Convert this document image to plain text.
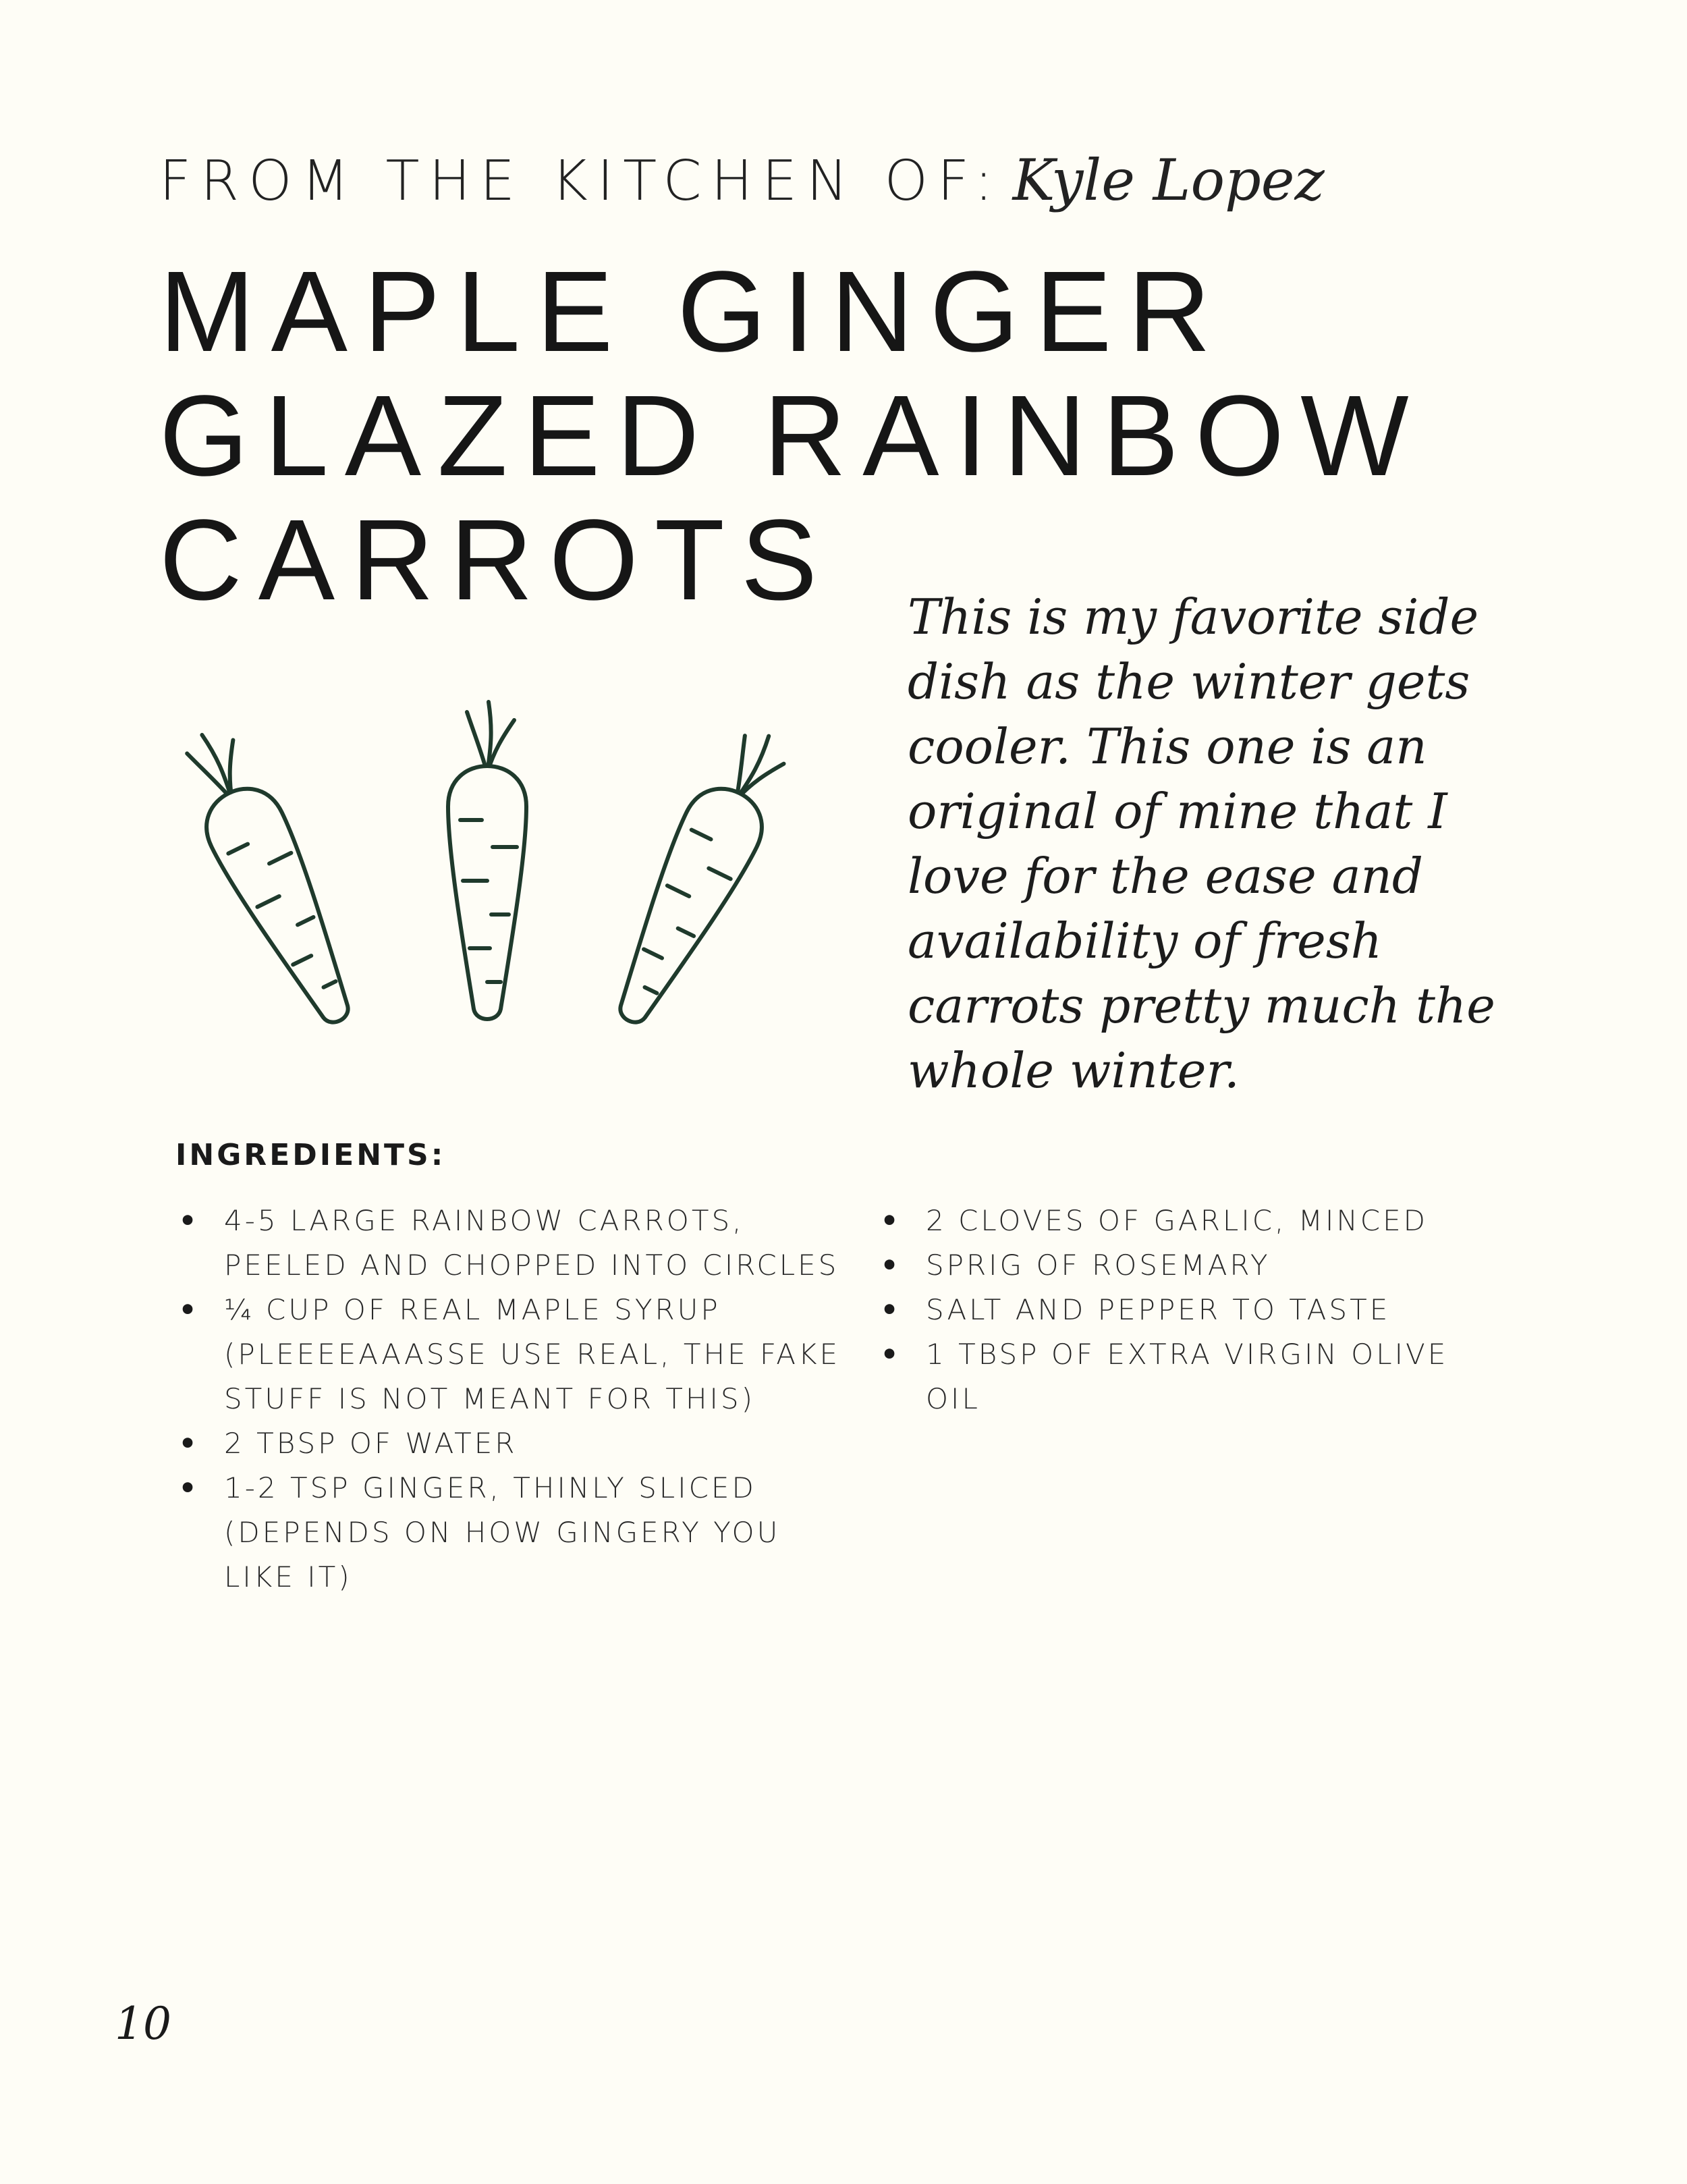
FROM THE KITCHEN OF: Kyle Lopez
MAPLE GINGER
GLAZED RAINBOW
CARROTS	This is my favorite side dish as the winter gets cooler. This one is an original of mine that I love for the ease and availability of fresh carrots pretty much the whole winter.
INGREDIENTS:
• 4-5 LARGE RAINBOW CARROTS, PEELED AND CHOPPED INTO CIRCLES
• ¼ CUP OF REAL MAPLE SYRUP (PLEEEEAAASSE USE REAL, THE FAKE STUFF IS NOT MEANT FOR THIS)
• 2 TBSP OF WATER
• 1-2 TSP GINGER, THINLY SLICED (DEPENDS ON HOW GINGERY YOU LIKE IT)
• 2 CLOVES OF GARLIC, MINCED
• SPRIG OF ROSEMARY
• SALT AND PEPPER TO TASTE
• 1 TBSP OF EXTRA VIRGIN OLIVE OIL
10
